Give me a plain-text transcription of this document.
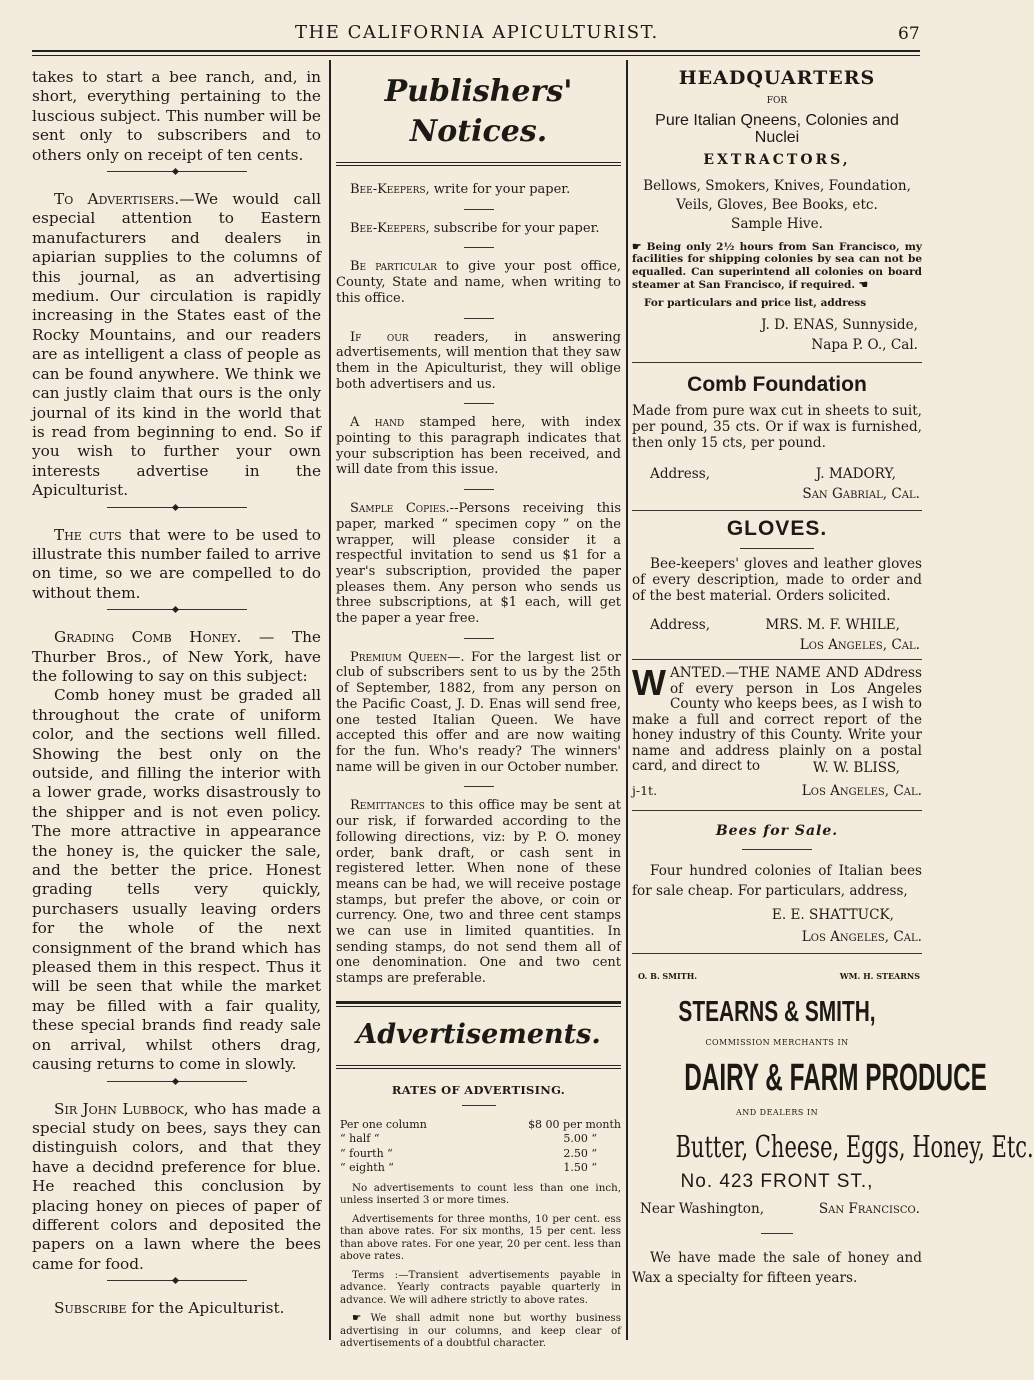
THE CALIFORNIA APICULTURIST.	67

takes to start a bee ranch, and, in short, everything pertaining to the luscious subject. This number will be sent only to subscribers and to others only on receipt of ten cents.

To Advertisers.—We would call especial attention to Eastern manufacturers and dealers in apiarian supplies to the columns of this journal, as an advertising medium. Our circulation is rapidly increasing in the States east of the Rocky Mountains, and our readers are as intelligent a class of people as can be found anywhere. We think we can justly claim that ours is the only journal of its kind in the world that is read from beginning to end. So if you wish to further your own interests advertise in the Apiculturist.

The cuts that were to be used to illustrate this number failed to arrive on time, so we are compelled to do without them.

Grading Comb Honey. — The Thurber Bros., of New York, have the following to say on this subject:

Comb honey must be graded all throughout the crate of uniform color, and the sections well filled. Showing the best only on the outside, and filling the interior with a lower grade, works disastrously to the shipper and is not even policy. The more attractive in appearance the honey is, the quicker the sale, and the better the price. Honest grading tells very quickly, purchasers usually leaving orders for the whole of the next consignment of the brand which has pleased them in this respect. Thus it will be seen that while the market may be filled with a fair quality, these special brands find ready sale on arrival, whilst others drag, causing returns to come in slowly.

Sir John Lubbock, who has made a special study on bees, says they can distinguish colors, and that they have a decidnd preference for blue. He reached this conclusion by placing honey on pieces of paper of different colors and deposited the papers on a lawn where the bees came for food.

Subscribe for the Apiculturist.

Publishers' Notices.

Bee-Keepers, write for your paper.

Bee-Keepers, subscribe for your paper.

Be particular to give your post office, County, State and name, when writing to this office.

If our readers, in answering advertisements, will mention that they saw them in the Apiculturist, they will oblige both advertisers and us.

A hand stamped here, with index pointing to this paragraph indicates that your subscription has been received, and will date from this issue.

Sample Copies.--Persons receiving this paper, marked “ specimen copy ” on the wrapper, will please consider it a respectful invitation to send us $1 for a year's subscription, provided the paper pleases them. Any person who sends us three subscriptions, at $1 each, will get the paper a year free.

Premium Queen—. For the largest list or club of subscribers sent to us by the 25th of September, 1882, from any person on the Pacific Coast, J. D. Enas will send free, one tested Italian Queen. We have accepted this offer and are now waiting for the fun. Who's ready? The winners' name will be given in our October number.

Remittances to this office may be sent at our risk, if forwarded according to the following directions, viz: by P. O. money order, bank draft, or cash sent in registered letter. When none of these means can be had, we will receive postage stamps, but prefer the above, or coin or currency. One, two and three cent stamps we can use in limited quantities. In sending stamps, do not send them all of one denomination. One and two cent stamps are preferable.

Advertisements.
RATES OF ADVERTISING.
Per one column	$8 00 per month
“ half “	5.00 “
“ fourth “	2.50 “
“ eighth “	1.50 “

No advertisements to count less than one inch, unless inserted 3 or more times.

Advertisements for three months, 10 per cent. ess than above rates. For six months, 15 per cent. less than above rates. For one year, 20 per cent. less than above rates.

Terms :—Transient advertisements payable in advance. Yearly contracts payable quarterly in advance. We will adhere strictly to above rates.

☛ We shall admit none but worthy business advertising in our columns, and keep clear of advertisements of a doubtful character.

HEADQUARTERS
FOR
Pure Italian Qneens, Colonies and Nuclei
EXTRACTORS,
Bellows, Smokers, Knives, Foundation, Veils, Gloves, Bee Books, etc.
Sample Hive.
☛ Being only 2½ hours from San Francisco, my facilities for shipping colonies by sea can not be equalled. Can superintend all colonies on board steamer at San Francisco, if required. ☚
For particulars and price list, address
J. D. ENAS, Sunnyside,
Napa P. O., Cal.
Comb Foundation
Made from pure wax cut in sheets to suit, per pound, 35 cts. Or if wax is furnished, then only 15 cts, per pound.
Address,	J. MADORY,
San Gabrial, Cal.
GLOVES.
Bee-keepers' gloves and leather gloves of every description, made to order and of the best material. Orders solicited.
Address,	MRS. M. F. WHILE,
Los Angeles, Cal.
WANTED.—THE NAME AND ADdress of every person in Los Angeles County who keeps bees, as I wish to make a full and correct report of the honey industry of this County. Write your name and address plainly on a postal card, and direct to	W. W. BLISS,
j-1t.	Los Angeles, Cal.
Bees for Sale.
Four hundred colonies of Italian bees for sale cheap. For particulars, address,
E. E. SHATTUCK,
Los Angeles, Cal.
O. B. SMITH.	WM. H. STEARNS
STEARNS & SMITH,
COMMISSION MERCHANTS IN
DAIRY & FARM PRODUCE
AND DEALERS IN
Butter, Cheese, Eggs, Honey, Etc.
No. 423 FRONT ST.,
Near Washington,	San Francisco.
We have made the sale of honey and Wax a specialty for fifteen years.
